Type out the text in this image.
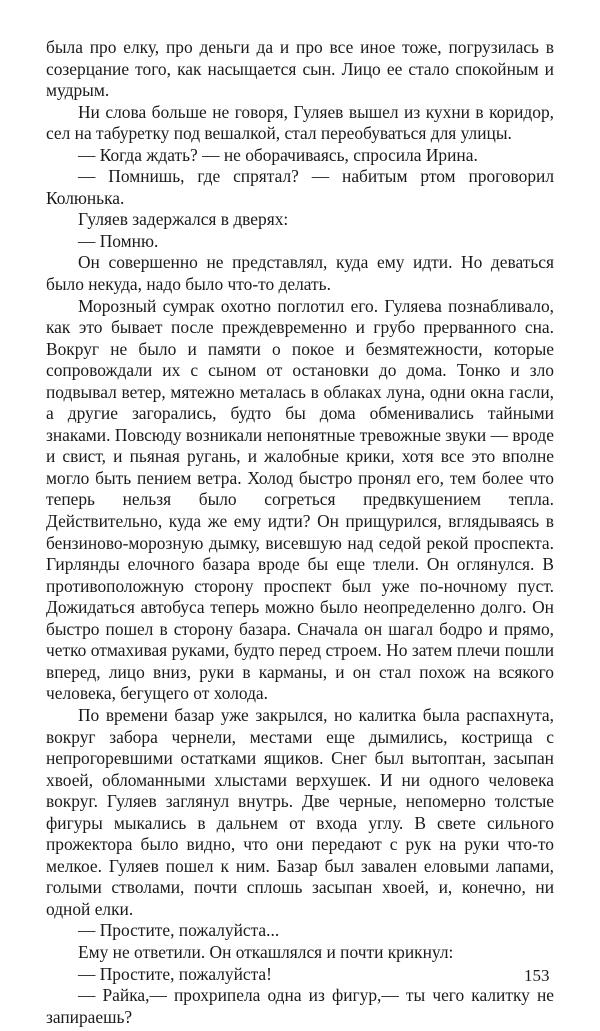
была про елку, про деньги да и про все иное тоже, погрузилась в созерцание того, как насыщается сын. Лицо ее стало спокойным и мудрым.

Ни слова больше не говоря, Гуляев вышел из кухни в коридор, сел на табуретку под вешалкой, стал переобуваться для улицы.

— Когда ждать? — не оборачиваясь, спросила Ирина.

— Помнишь, где спрятал? — набитым ртом проговорил Колюнька.

Гуляев задержался в дверях:

— Помню.

Он совершенно не представлял, куда ему идти. Но деваться было некуда, надо было что-то делать.

Морозный сумрак охотно поглотил его. Гуляева познабливало, как это бывает после преждевременно и грубо прерванного сна. Вокруг не было и памяти о покое и безмятежности, которые сопровождали их с сыном от остановки до дома. Тонко и зло подвывал ветер, мятежно металась в облаках луна, одни окна гасли, а другие загорались, будто бы дома обменивались тайными знаками. Повсюду возникали непонятные тревожные звуки — вроде и свист, и пьяная ругань, и жалобные крики, хотя все это вполне могло быть пением ветра. Холод быстро пронял его, тем более что теперь нельзя было согреться предвкушением тепла. Действительно, куда же ему идти? Он прищурился, вглядываясь в бензиново-морозную дымку, висевшую над седой рекой проспекта. Гирлянды елочного базара вроде бы еще тлели. Он оглянулся. В противоположную сторону проспект был уже по-ночному пуст. Дожидаться автобуса теперь можно было неопределенно долго. Он быстро пошел в сторону базара. Сначала он шагал бодро и прямо, четко отмахивая руками, будто перед строем. Но затем плечи пошли вперед, лицо вниз, руки в карманы, и он стал похож на всякого человека, бегущего от холода.

По времени базар уже закрылся, но калитка была распахнута, вокруг забора чернели, местами еще дымились, кострища с непрогоревшими остатками ящиков. Снег был вытоптан, засыпан хвоей, обломанными хлыстами верхушек. И ни одного человека вокруг. Гуляев заглянул внутрь. Две черные, непомерно толстые фигуры мыкались в дальнем от входа углу. В свете сильного прожектора было видно, что они передают с рук на руки что-то мелкое. Гуляев пошел к ним. Базар был завален еловыми лапами, голыми стволами, почти сплошь засыпан хвоей, и, конечно, ни одной елки.

— Простите, пожалуйста...

Ему не ответили. Он откашлялся и почти крикнул:

— Простите, пожалуйста!

— Райка,— прохрипела одна из фигур,— ты чего калитку не запираешь?

153
